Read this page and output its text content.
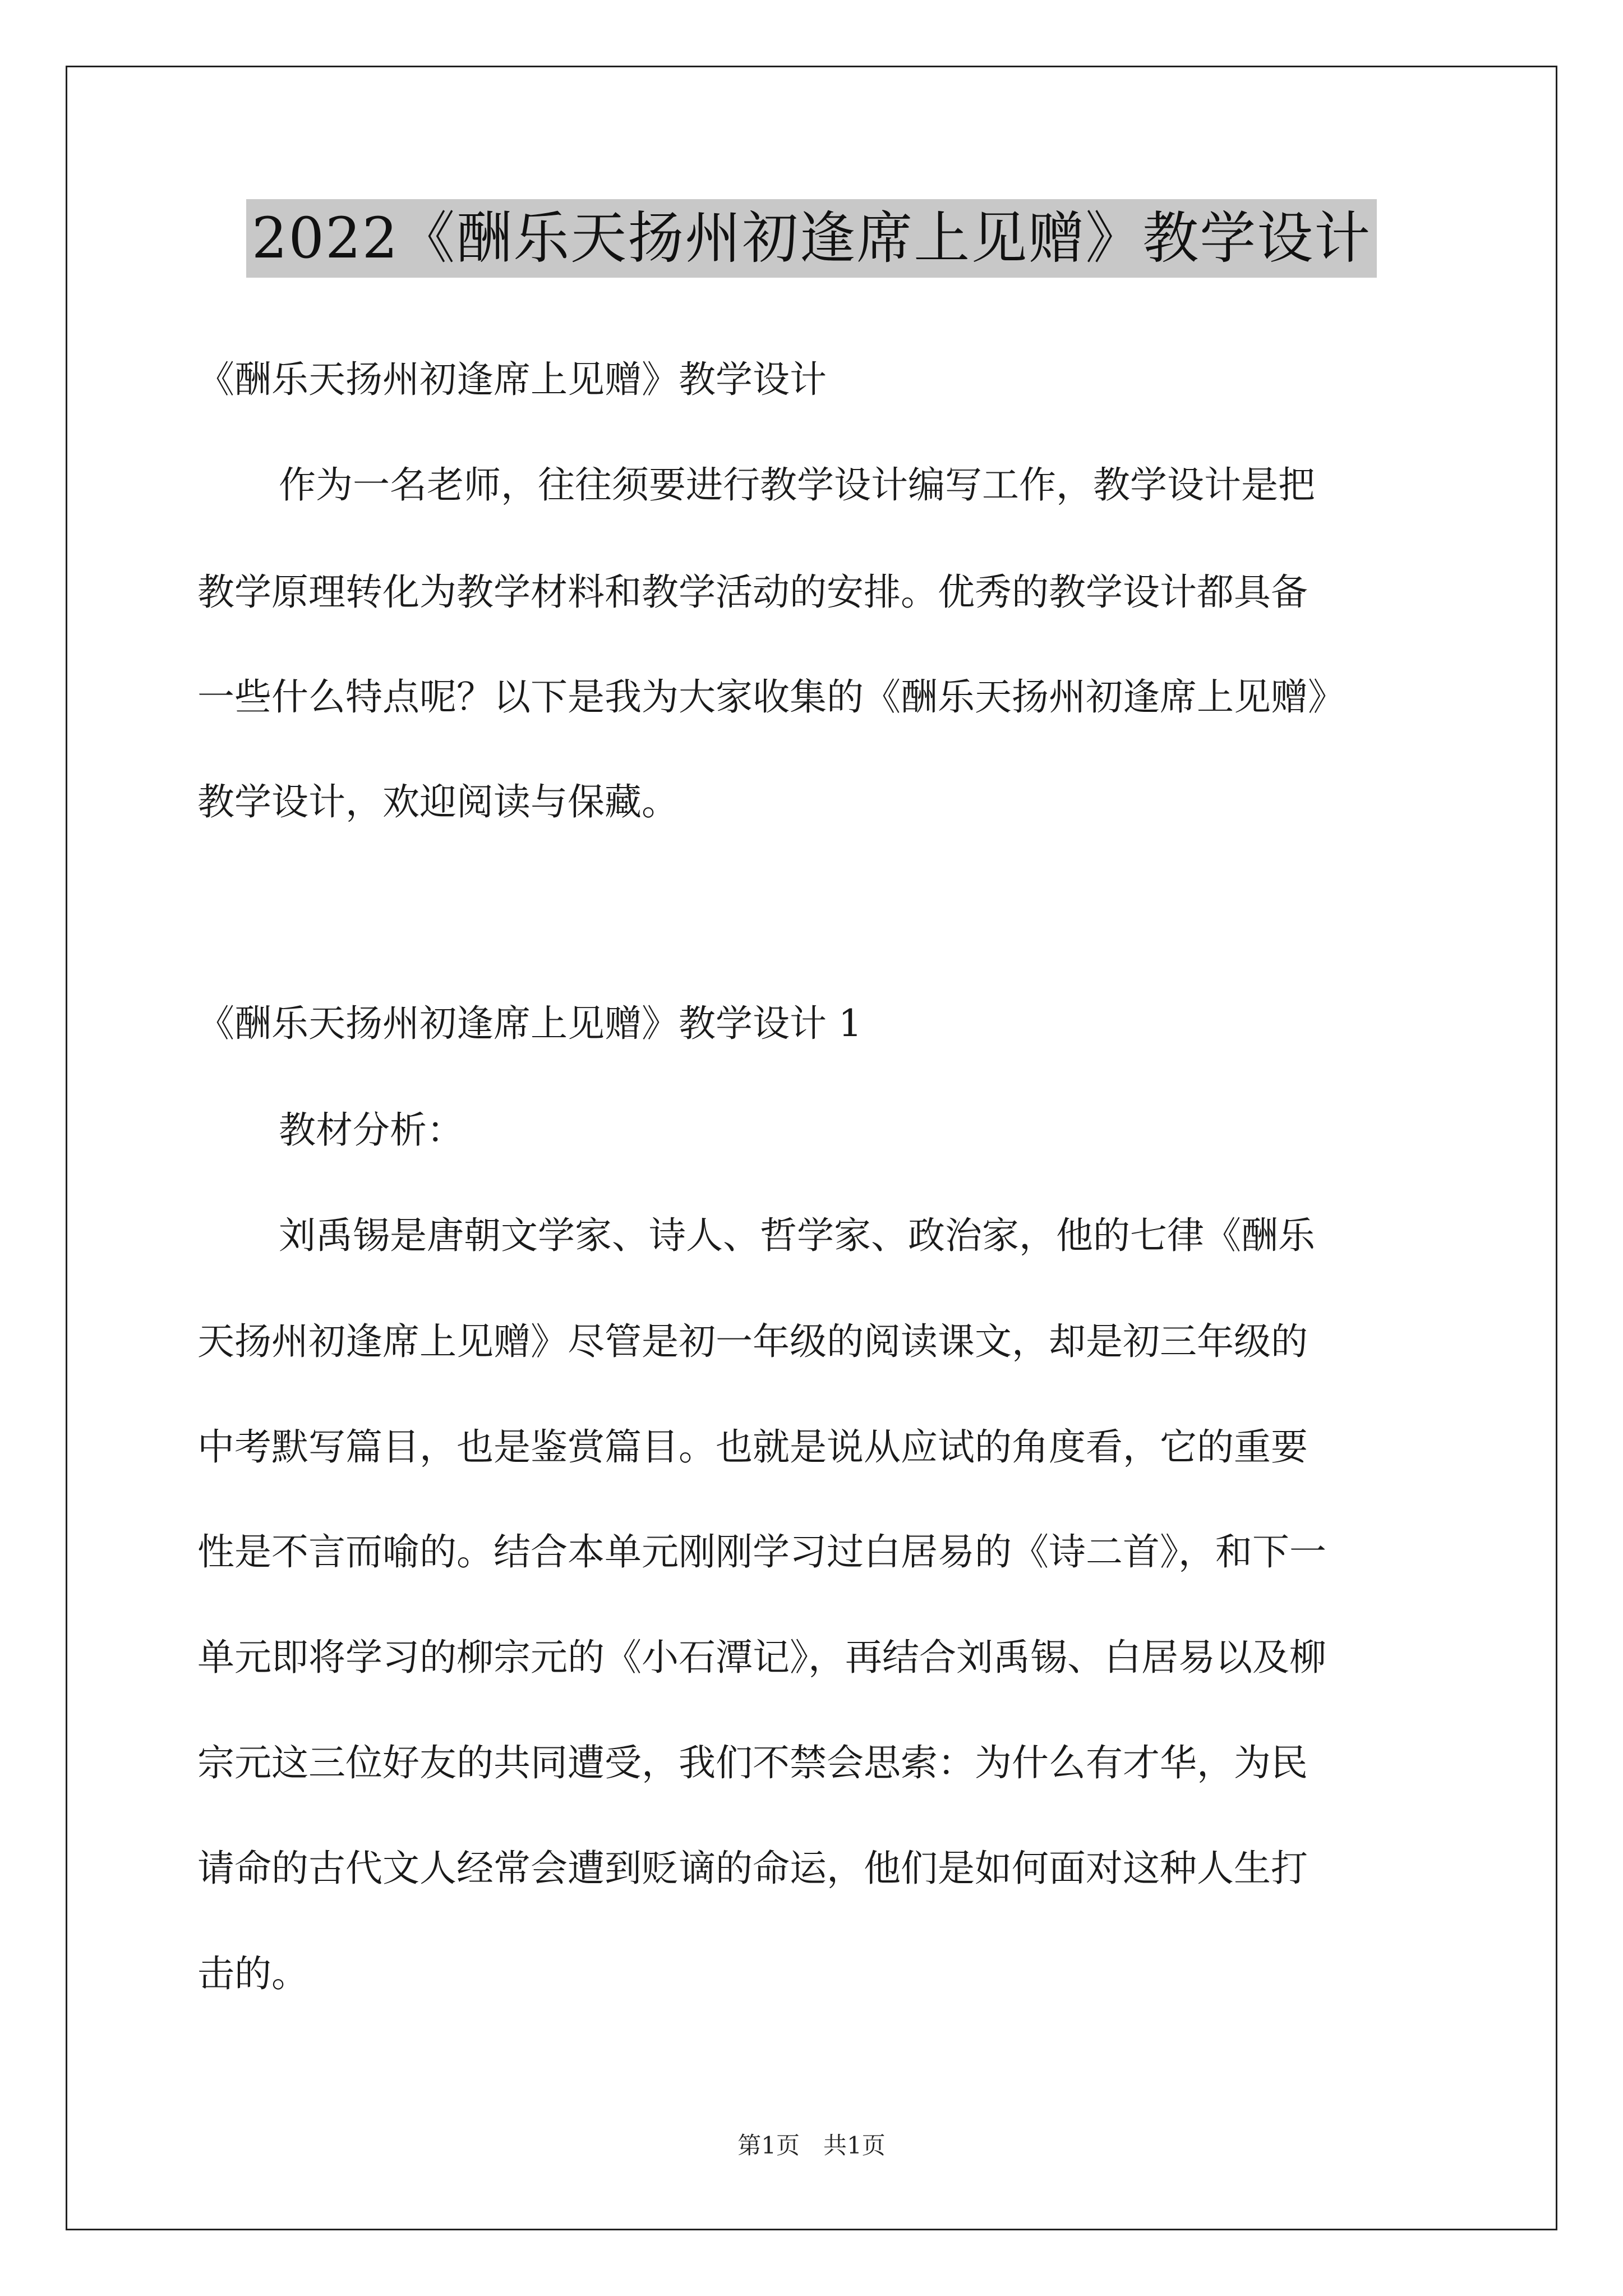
2022《酬乐天扬州初逢席上见赠》教学设计
《酬乐天扬州初逢席上见赠》教学设计
作为一名老师，往往须要进行教学设计编写工作，教学设计是把
教学原理转化为教学材料和教学活动的安排。优秀的教学设计都具备
一些什么特点呢？以下是我为大家收集的《酬乐天扬州初逢席上见赠》
教学设计，欢迎阅读与保藏。
《酬乐天扬州初逢席上见赠》教学设计 1
教材分析：
刘禹锡是唐朝文学家、诗人、哲学家、政治家，他的七律《酬乐
天扬州初逢席上见赠》尽管是初一年级的阅读课文，却是初三年级的
中考默写篇目，也是鉴赏篇目。也就是说从应试的角度看，它的重要
性是不言而喻的。结合本单元刚刚学习过白居易的《诗二首》，和下一
单元即将学习的柳宗元的《小石潭记》，再结合刘禹锡、白居易以及柳
宗元这三位好友的共同遭受，我们不禁会思索：为什么有才华，为民
请命的古代文人经常会遭到贬谪的命运，他们是如何面对这种人生打
击的。
第1页　共1页
